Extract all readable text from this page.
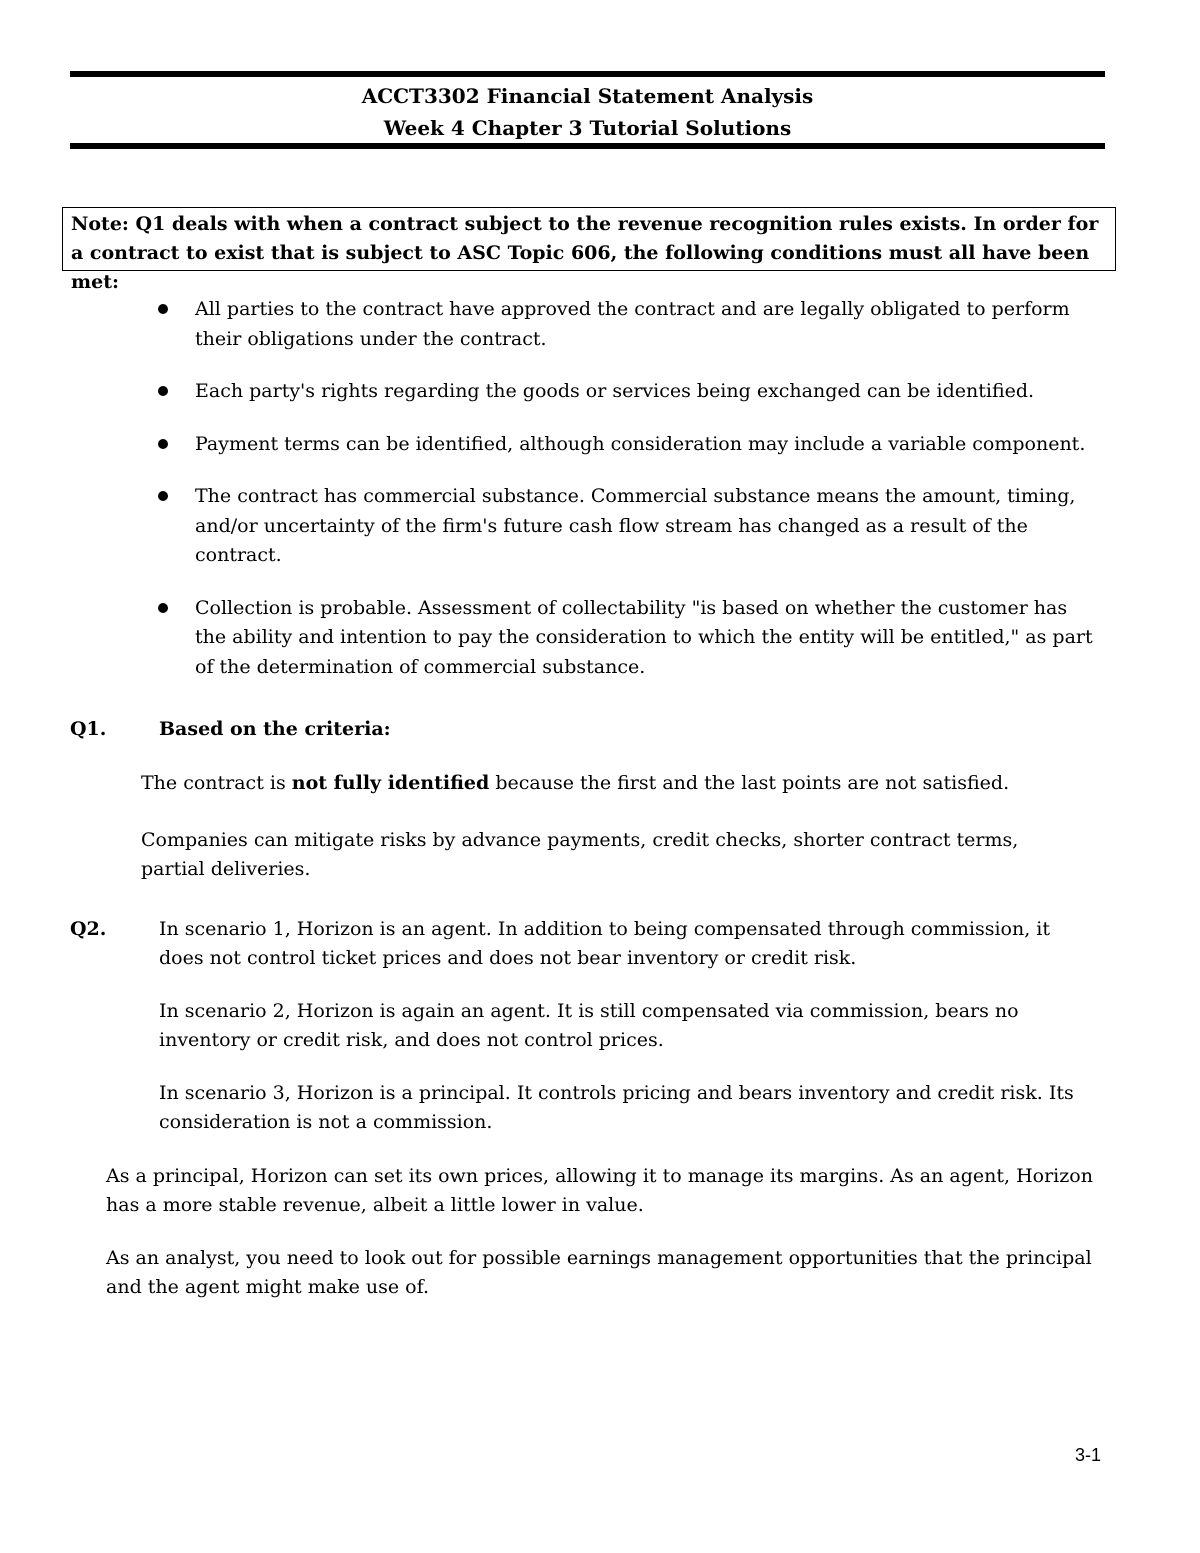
ACCT3302 Financial Statement Analysis
Week 4 Chapter 3 Tutorial Solutions
Note: Q1 deals with when a contract subject to the revenue recognition rules exists. In order for a contract to exist that is subject to ASC Topic 606, the following conditions must all have been met:
All parties to the contract have approved the contract and are legally obligated to perform their obligations under the contract.
Each party's rights regarding the goods or services being exchanged can be identified.
Payment terms can be identified, although consideration may include a variable component.
The contract has commercial substance. Commercial substance means the amount, timing, and/or uncertainty of the firm's future cash flow stream has changed as a result of the contract.
Collection is probable. Assessment of collectability "is based on whether the customer has the ability and intention to pay the consideration to which the entity will be entitled," as part of the determination of commercial substance.
Q1.	Based on the criteria:
The contract is not fully identified because the first and the last points are not satisfied.
Companies can mitigate risks by advance payments, credit checks, shorter contract terms, partial deliveries.
Q2.	In scenario 1, Horizon is an agent. In addition to being compensated through commission, it does not control ticket prices and does not bear inventory or credit risk.
In scenario 2, Horizon is again an agent. It is still compensated via commission, bears no inventory or credit risk, and does not control prices.
In scenario 3, Horizon is a principal. It controls pricing and bears inventory and credit risk. Its consideration is not a commission.
As a principal, Horizon can set its own prices, allowing it to manage its margins. As an agent, Horizon has a more stable revenue, albeit a little lower in value.
As an analyst, you need to look out for possible earnings management opportunities that the principal and the agent might make use of.
3-1
